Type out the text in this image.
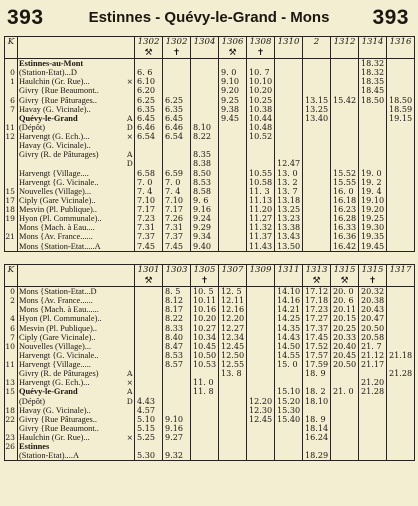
393	Estinnes - Quévy-le-Grand - Mons	393
K			1302	1302	1304	1306	1308	1310	2	1312	1314	1316
			⚒	✝		⚒	✝					
	Estinnes-au-Mont										18.32	
0	(Station-Etat)...D		6. 6			9. 0	10. 7				18.32	
1	Haulchin (Gr. Rue)...	×	6.10			9.10	10.10				18.35	
	Givry {Rue Beaumont..		6.20			9.20	10.20				18.45	
6	Givry {Rue Pâturages..		6.25	6.25		9.25	10.25		13.15	15.42	18.50	18.50
7	Havay (G. Vicinale)..		6.35	6.35		9.38	10.38		13.25			18.59
	Quévy-le-Grand	A	6.45	6.45		9.45	10.44		13.40			19.15
11	(Dépôt)	D	6.46	6.46	8.10		10.48					
12	Harvengt (G. Ech.)...	×	6.54	6.54	8.22		10.52					
	Havay (G. Vicinale)..											
	Givry (R. de Pâturages)	A			8.35							
		D			8.38			12.47				
	Harvengt {Village....		6.58	6.59	8.50		10.55	13. 0		15.52	19. 0	
	Harvengt {G. Vicinale..		7. 0	7. 0	8.53		10.58	13. 2		15.55	19. 2	
15	Nouvelles (Village)...		7. 4	7. 4	8.58		11. 3	13. 7		16. 0	19. 4	
17	Ciply (Gare Vicinale)..		7.10	7.10	9. 6		11.13	13.18		16.18	19.10	
18	Mesvin (Pl. Publique)..		7.17	7.17	9.16		11.20	13.25		16.23	19.20	
19	Hyon (Pl. Communale)..		7.23	7.26	9.24		11.27	13.23		16.28	19.25	
	Mons {Mach. à Eau....		7.31	7.31	9.29		11.32	13.38		16.33	19.30	
21	Mons {Av. France......		7.37	7.37	9.34		11.37	13.43		16.36	19.35	
	Mons {Station-Etat.....A		7.45	7.45	9.40		11.43	13.50		16.42	19.45	
K			1301	1303	1305	1307	1309	1311	1313	1315	1315	1317
			⚒		✝				⚒	⚒	✝	
0	Mons {Station-Etat...D			8. 5	10. 5	12. 5		14.10	17.12	20. 0	20.32	
2	Mons {Av. France......			8.12	10.11	12.11		14.16	17.18	20. 6	20.38	
	Mons {Mach. à Eau......			8.17	10.16	12.16		14.21	17.23	20.11	20.43	
4	Hyon (Pl. Communale)..			8.22	10.20	12.20		14.25	17.27	20.15	20.47	
6	Mesvin (Pl. Publique)..			8.33	10.27	12.27		14.35	17.37	20.25	20.50	
7	Ciply (Gare Vicinale)..			8.40	10.34	12.34		14.43	17.45	20.33	20.58	
10	Nouvelles (Village)...			8.47	10.45	12.45		14.50	17.52	20.40	21. 7	
	Harvengt {G. Vicinale..			8.53	10.50	12.50		14.55	17.57	20.45	21.12	21.18
11	Harvengt {Village.....			8.57	10.53	12.55		15. 0	17.59	20.50	21.17	
	Givry (R. de Pâturages)	A				13. 8			18. 9			21.28
13	Harvengt (G. Ech.)...	×			11. 0						21.20	
15	Quévy-le-Grand	A			11. 8			15.10	18. 2	21. 0	21.28	
	(Dépôt)	D	4.43				12.20	15.20	18.10			
18	Havay (G. Vicinale)..		4.57				12.30	15.30				
22	Givry {Rue Pâturages..		5.10	9.10			12.45	15.40	18. 9			
	Givry {Rue Beaumont..		5.15	9.16					18.14			
23	Haulchin (Gr. Rue)...	×	5.25	9.27					16.24			
26	Estinnes											
	(Station-Etat)....A		5.30	9.32					18.29			
